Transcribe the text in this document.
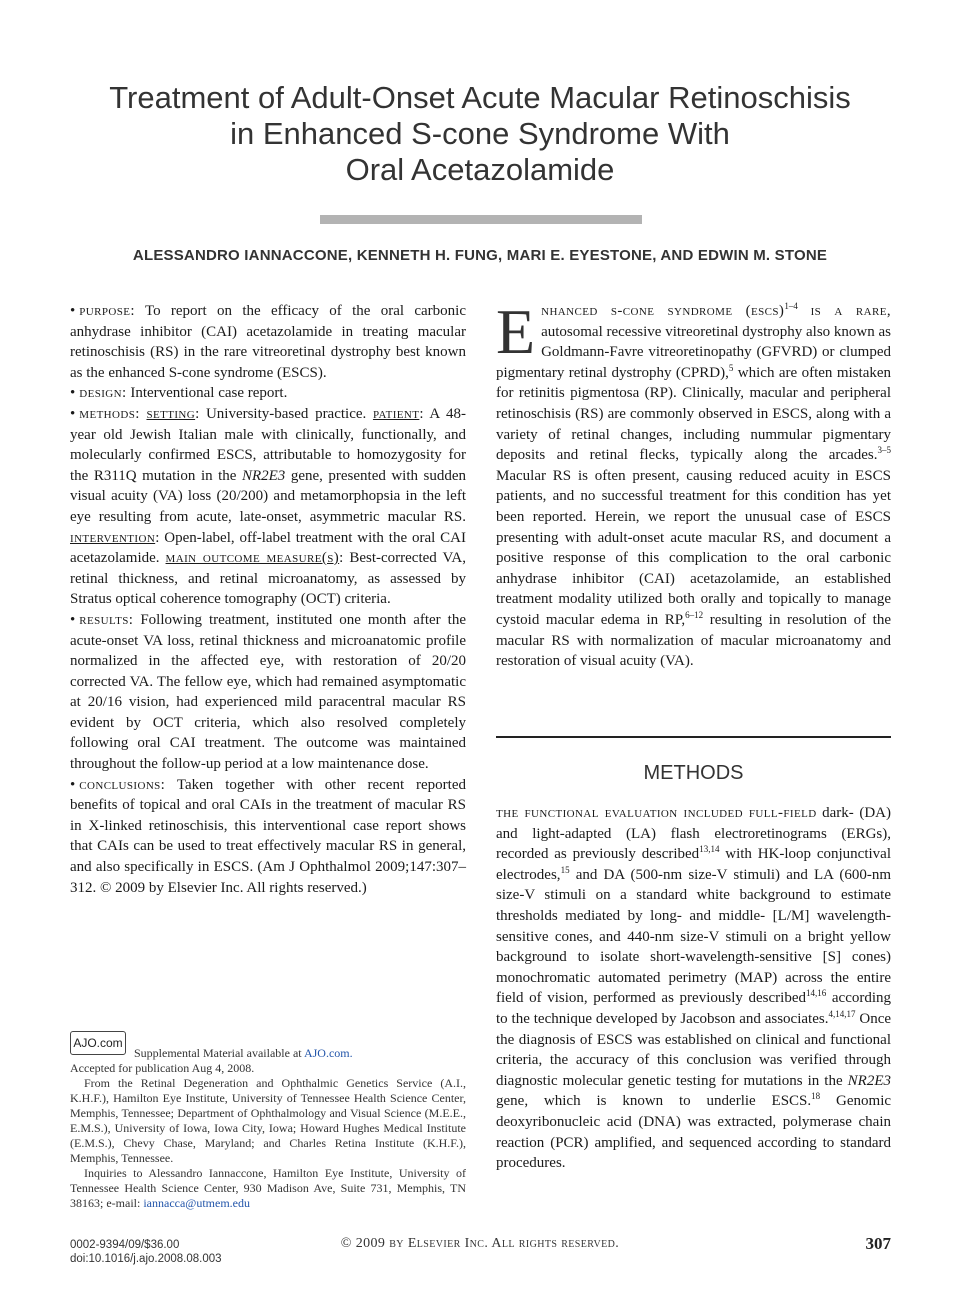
Treatment of Adult-Onset Acute Macular Retinoschisis
in Enhanced S-cone Syndrome With
Oral Acetazolamide
ALESSANDRO IANNACCONE, KENNETH H. FUNG, MARI E. EYESTONE, AND EDWIN M. STONE

• purpose: To report on the efficacy of the oral carbonic anhydrase inhibitor (CAI) acetazolamide in treating macular retinoschisis (RS) in the rare vitreoretinal dystrophy best known as the enhanced S-cone syndrome (ESCS).

• design: Interventional case report.

• methods: setting: University-based practice. patient: A 48-year old Jewish Italian male with clinically, functionally, and molecularly confirmed ESCS, attributable to homozygosity for the R311Q mutation in the NR2E3 gene, presented with sudden visual acuity (VA) loss (20/200) and metamorphopsia in the left eye resulting from acute, late-onset, asymmetric macular RS. intervention: Open-label, off-label treatment with the oral CAI acetazolamide. main outcome measure(s): Best-corrected VA, retinal thickness, and retinal microanatomy, as assessed by Stratus optical coherence tomography (OCT) criteria.

• results: Following treatment, instituted one month after the acute-onset VA loss, retinal thickness and microanatomic profile normalized in the affected eye, with restoration of 20/20 corrected VA. The fellow eye, which had remained asymptomatic at 20/16 vision, had experienced mild paracentral macular RS evident by OCT criteria, which also resolved completely following oral CAI treatment. The outcome was maintained throughout the follow-up period at a low maintenance dose.

• conclusions: Taken together with other recent reported benefits of topical and oral CAIs in the treatment of macular RS in X-linked retinoschisis, this interventional case report shows that CAIs can be used to treat effectively macular RS in general, and also specifically in ESCS. (Am J Ophthalmol 2009;147:307–312. © 2009 by Elsevier Inc. All rights reserved.)

Enhanced s-cone syndrome (escs)$^{1-4}$ is a rare, autosomal recessive vitreoretinal dystrophy also known as Goldmann-Favre vitreoretinopathy (GFVRD) or clumped pigmentary retinal dystrophy (CPRD),$^5$ which are often mistaken for retinitis pigmentosa (RP). Clinically, macular and peripheral retinoschisis (RS) are commonly observed in ESCS, along with a variety of retinal changes, including nummular pigmentary deposits and retinal flecks, typically along the arcades.$^{3-5}$ Macular RS is often present, causing reduced acuity in ESCS patients, and no successful treatment for this condition has yet been reported. Herein, we report the unusual case of ESCS presenting with adult-onset acute macular RS, and document a positive response of this complication to the oral carbonic anhydrase inhibitor (CAI) acetazolamide, an established treatment modality utilized both orally and topically to manage cystoid macular edema in RP,$^{6-12}$ resulting in resolution of the macular RS with normalization of macular microanatomy and restoration of visual acuity (VA).

METHODS

the functional evaluation included full-field dark- (DA) and light-adapted (LA) flash electroretinograms (ERGs), recorded as previously described$^{13,14}$ with HK-loop conjunctival electrodes,$^{15}$ and DA (500-nm size-V stimuli) and LA (600-nm size-V stimuli on a standard white background to estimate thresholds mediated by long- and middle- [L/M] wavelength-sensitive cones, and 440-nm size-V stimuli on a bright yellow background to isolate short-wavelength-sensitive [S] cones) monochromatic automated perimetry (MAP) across the entire field of vision, performed as previously described$^{14,16}$ according to the technique developed by Jacobson and associates.$^{4,14,17}$ Once the diagnosis of ESCS was established on clinical and functional criteria, the accuracy of this conclusion was verified through diagnostic molecular genetic testing for mutations in the NR2E3 gene, which is known to underlie ESCS.$^{18}$ Genomic deoxyribonucleic acid (DNA) was extracted, polymerase chain reaction (PCR) amplified, and sequenced according to standard procedures.

AJO.com

Supplemental Material available at AJO.com.

Accepted for publication Aug 4, 2008.

From the Retinal Degeneration and Ophthalmic Genetics Service (A.I., K.H.F.), Hamilton Eye Institute, University of Tennessee Health Science Center, Memphis, Tennessee; Department of Ophthalmology and Visual Science (M.E.E., E.M.S.), University of Iowa, Iowa City, Iowa; Howard Hughes Medical Institute (E.M.S.), Chevy Chase, Maryland; and Charles Retina Institute (K.H.F.), Memphis, Tennessee.

Inquiries to Alessandro Iannaccone, Hamilton Eye Institute, University of Tennessee Health Science Center, 930 Madison Ave, Suite 731, Memphis, TN 38163; e-mail: iannacca@utmem.edu

0002-9394/09/$36.00
doi:10.1016/j.ajo.2008.08.003
© 2009 by Elsevier Inc. All rights reserved.	307
